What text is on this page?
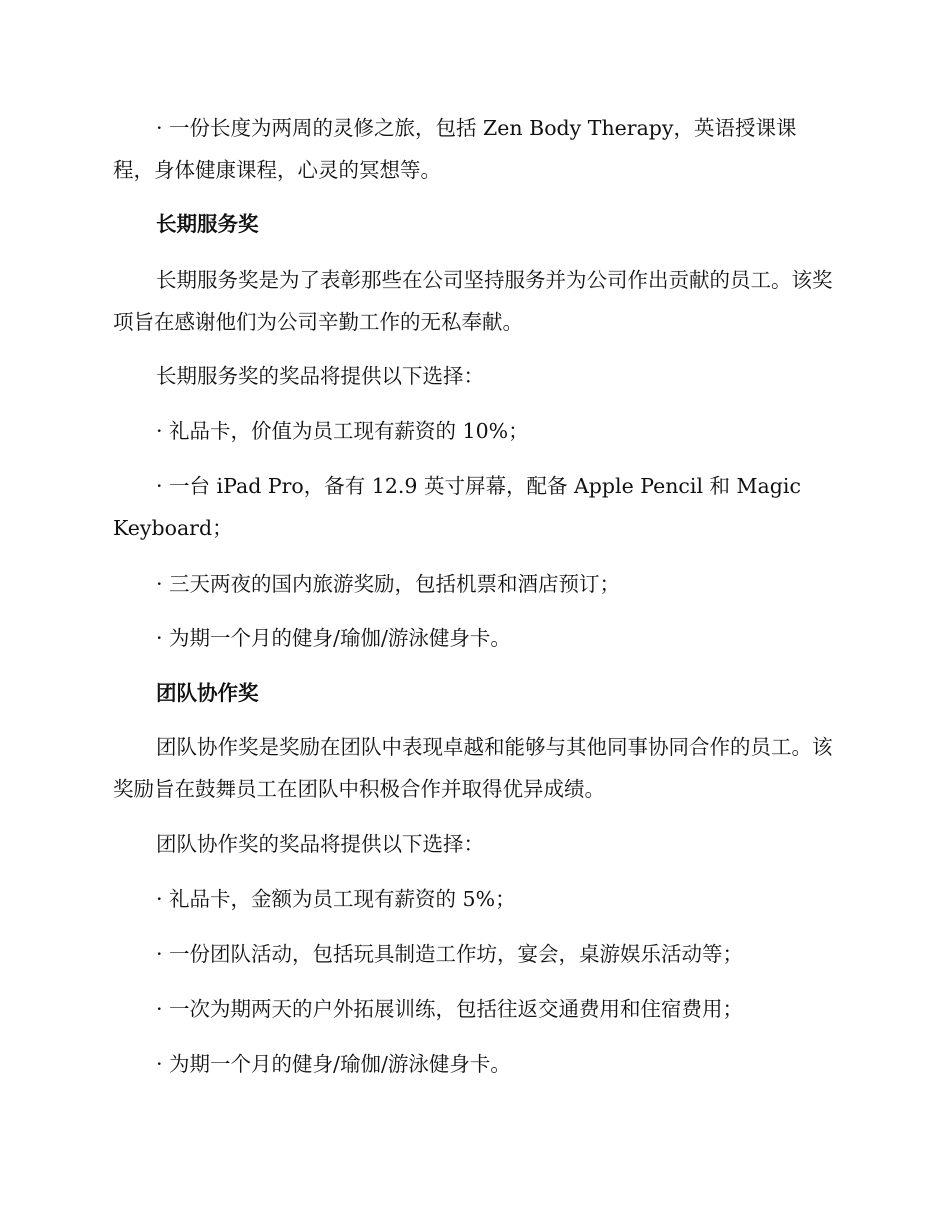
· 一份长度为两周的灵修之旅，包括 Zen Body Therapy，英语授课课程，身体健康课程，心灵的冥想等。
长期服务奖
长期服务奖是为了表彰那些在公司坚持服务并为公司作出贡献的员工。该奖项旨在感谢他们为公司辛勤工作的无私奉献。
长期服务奖的奖品将提供以下选择：
· 礼品卡，价值为员工现有薪资的 10%；
· 一台 iPad Pro，备有 12.9 英寸屏幕，配备 Apple Pencil 和 Magic Keyboard；
· 三天两夜的国内旅游奖励，包括机票和酒店预订；
· 为期一个月的健身/瑜伽/游泳健身卡。
团队协作奖
团队协作奖是奖励在团队中表现卓越和能够与其他同事协同合作的员工。该奖励旨在鼓舞员工在团队中积极合作并取得优异成绩。
团队协作奖的奖品将提供以下选择：
· 礼品卡，金额为员工现有薪资的 5%；
· 一份团队活动，包括玩具制造工作坊，宴会，桌游娱乐活动等；
· 一次为期两天的户外拓展训练，包括往返交通费用和住宿费用；
· 为期一个月的健身/瑜伽/游泳健身卡。
